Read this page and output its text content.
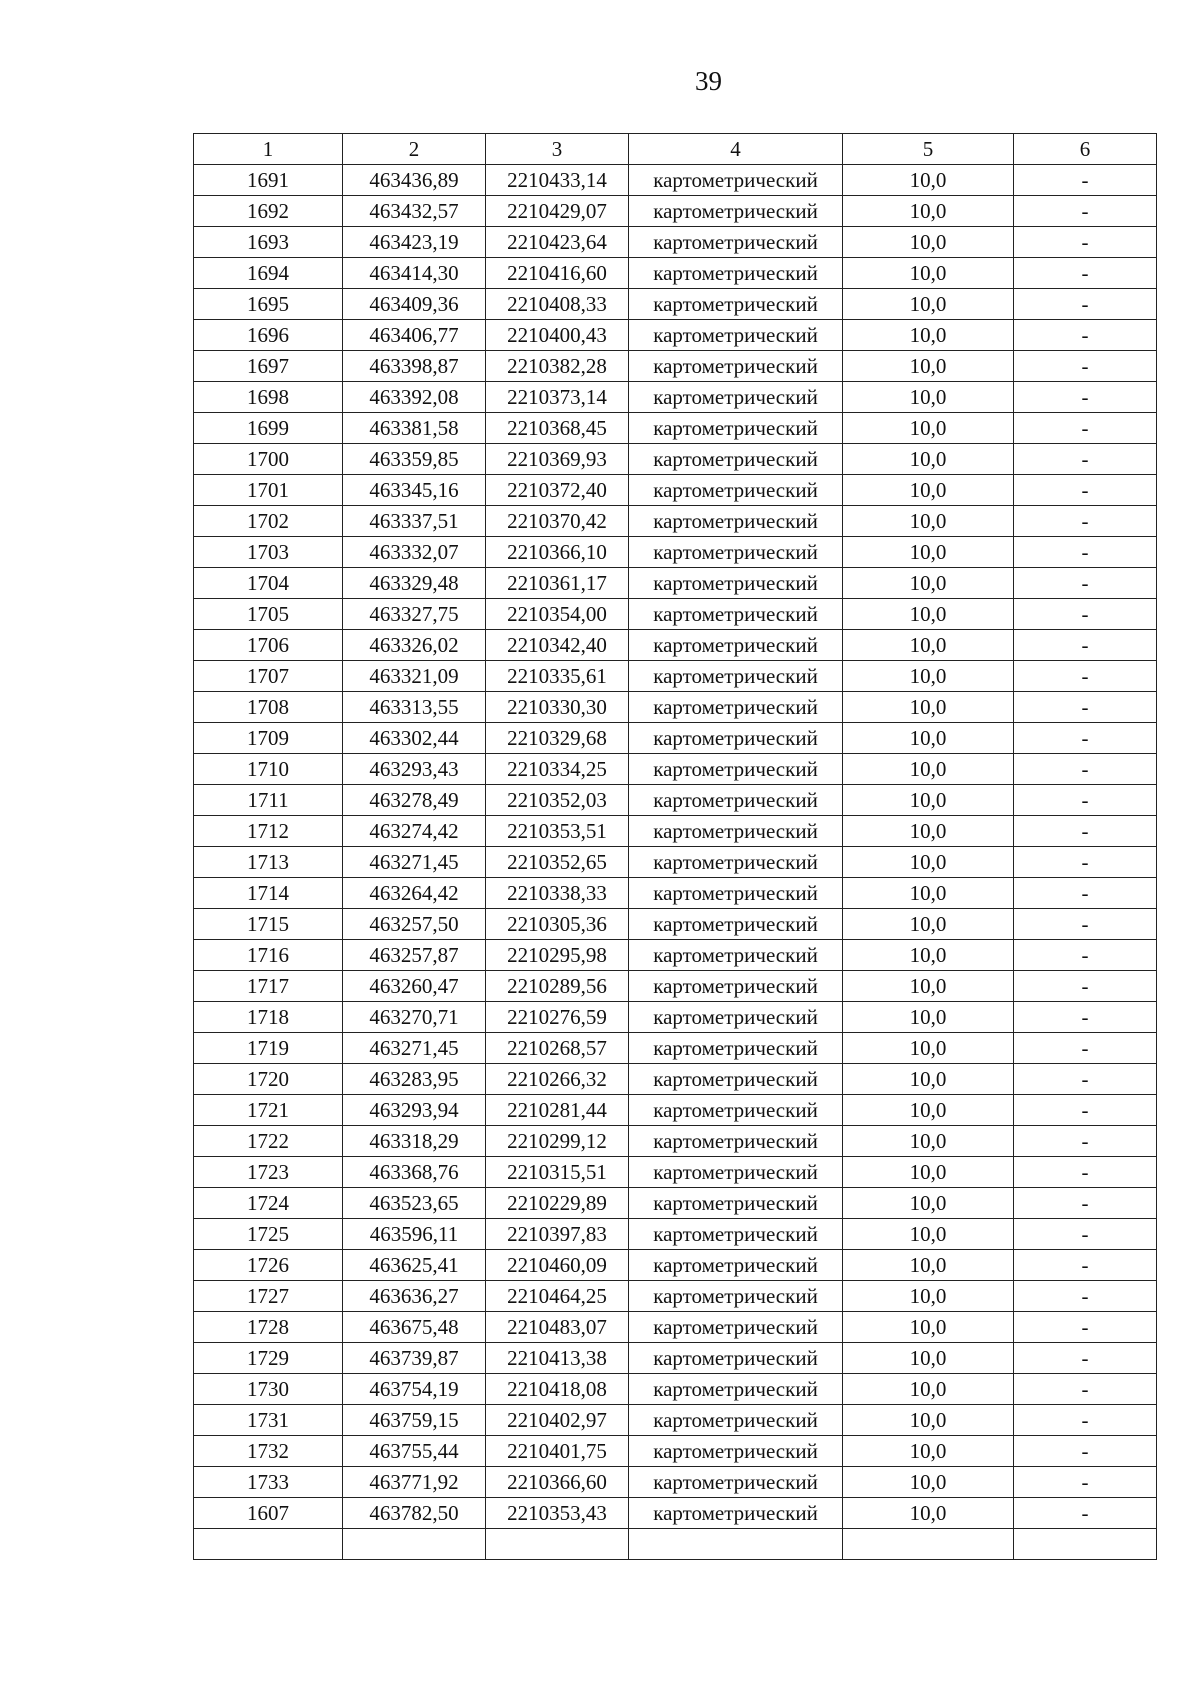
39
1	2	3	4	5	6
1691	463436,89	2210433,14	картометрический	10,0	-
1692	463432,57	2210429,07	картометрический	10,0	-
1693	463423,19	2210423,64	картометрический	10,0	-
1694	463414,30	2210416,60	картометрический	10,0	-
1695	463409,36	2210408,33	картометрический	10,0	-
1696	463406,77	2210400,43	картометрический	10,0	-
1697	463398,87	2210382,28	картометрический	10,0	-
1698	463392,08	2210373,14	картометрический	10,0	-
1699	463381,58	2210368,45	картометрический	10,0	-
1700	463359,85	2210369,93	картометрический	10,0	-
1701	463345,16	2210372,40	картометрический	10,0	-
1702	463337,51	2210370,42	картометрический	10,0	-
1703	463332,07	2210366,10	картометрический	10,0	-
1704	463329,48	2210361,17	картометрический	10,0	-
1705	463327,75	2210354,00	картометрический	10,0	-
1706	463326,02	2210342,40	картометрический	10,0	-
1707	463321,09	2210335,61	картометрический	10,0	-
1708	463313,55	2210330,30	картометрический	10,0	-
1709	463302,44	2210329,68	картометрический	10,0	-
1710	463293,43	2210334,25	картометрический	10,0	-
1711	463278,49	2210352,03	картометрический	10,0	-
1712	463274,42	2210353,51	картометрический	10,0	-
1713	463271,45	2210352,65	картометрический	10,0	-
1714	463264,42	2210338,33	картометрический	10,0	-
1715	463257,50	2210305,36	картометрический	10,0	-
1716	463257,87	2210295,98	картометрический	10,0	-
1717	463260,47	2210289,56	картометрический	10,0	-
1718	463270,71	2210276,59	картометрический	10,0	-
1719	463271,45	2210268,57	картометрический	10,0	-
1720	463283,95	2210266,32	картометрический	10,0	-
1721	463293,94	2210281,44	картометрический	10,0	-
1722	463318,29	2210299,12	картометрический	10,0	-
1723	463368,76	2210315,51	картометрический	10,0	-
1724	463523,65	2210229,89	картометрический	10,0	-
1725	463596,11	2210397,83	картометрический	10,0	-
1726	463625,41	2210460,09	картометрический	10,0	-
1727	463636,27	2210464,25	картометрический	10,0	-
1728	463675,48	2210483,07	картометрический	10,0	-
1729	463739,87	2210413,38	картометрический	10,0	-
1730	463754,19	2210418,08	картометрический	10,0	-
1731	463759,15	2210402,97	картометрический	10,0	-
1732	463755,44	2210401,75	картометрический	10,0	-
1733	463771,92	2210366,60	картометрический	10,0	-
1607	463782,50	2210353,43	картометрический	10,0	-
